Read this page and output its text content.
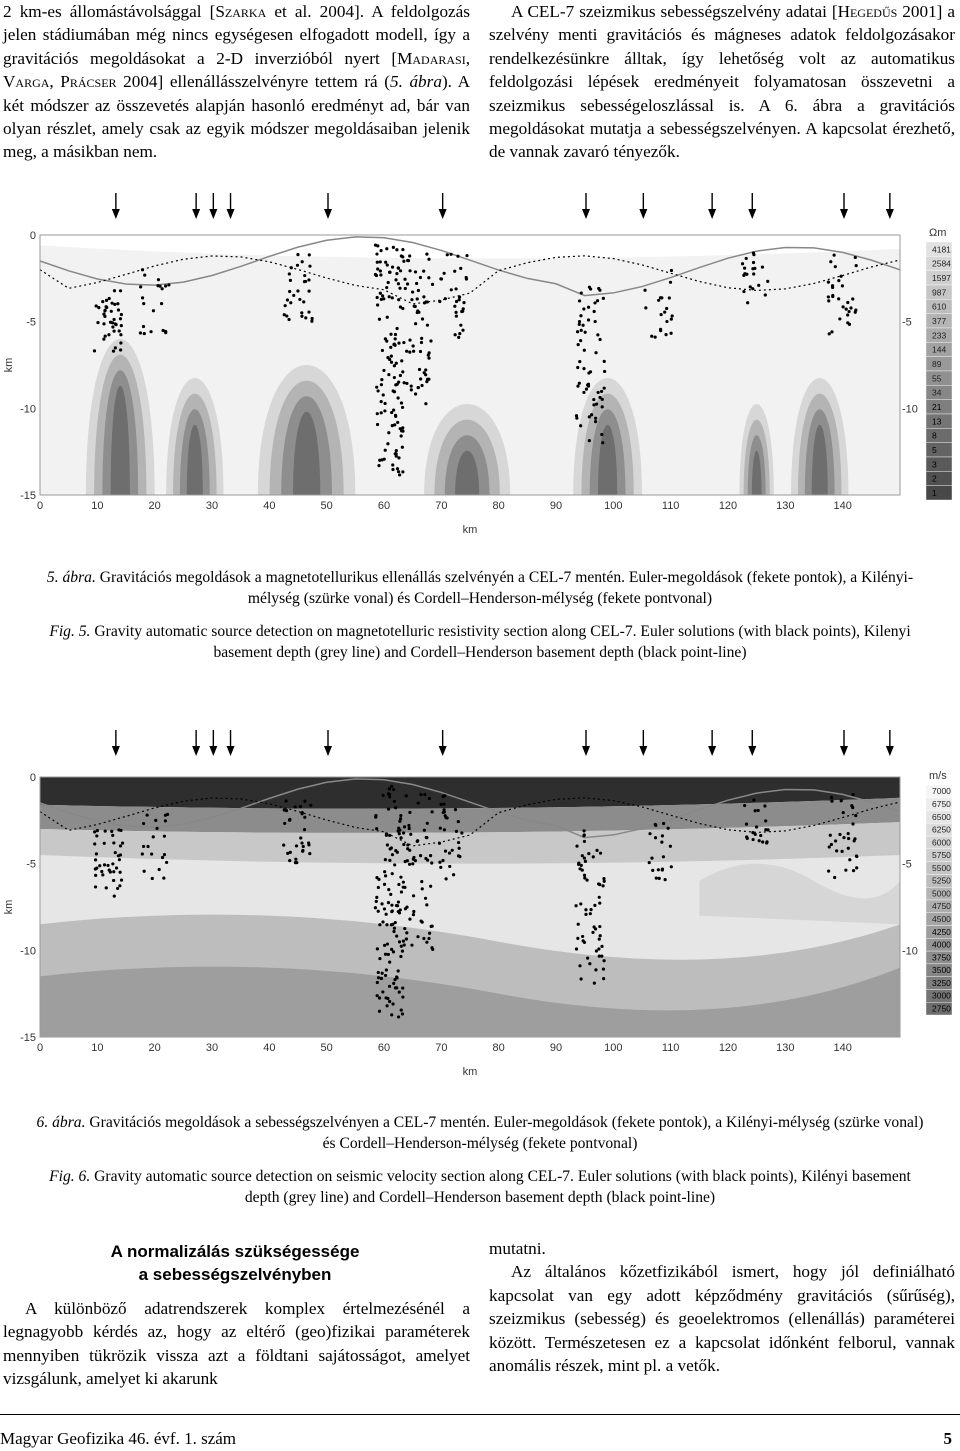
2 km-es állomástávolsággal [Szarka et al. 2004]. A feldolgozás jelen stádiumában még nincs egységesen elfogadott modell, így a gravitációs megoldásokat a 2-D inverzióból nyert [Madarasi, Varga, Prácser 2004] ellenállásszelvényre tettem rá (5. ábra). A két módszer az összevetés alapján hasonló eredményt ad, bár van olyan részlet, amely csak az egyik módszer megoldásaiban jelenik meg, a másikban nem.

A CEL-7 szeizmikus sebességszelvény adatai [Hegedűs 2001] a szelvény menti gravitációs és mágneses adatok feldolgozásakor rendelkezésünkre álltak, így lehetőség volt az automatikus feldolgozási lépések eredményeit folyamatosan összevetni a szeizmikus sebességeloszlással is. A 6. ábra a gravitációs megoldásokat mutatja a sebességszelvényen. A kapcsolat érezhető, de vannak zavaró tényezők.

0
-5
-10
-15
-5
-10
0	10	20	30	40	50	60	70	80	90	100	110	120	130	140
km
km
Ωm
4181
2584
1597
987
610
377
233
144
89
55
34
21
13
8
5
3
2
1

5. ábra. Gravitációs megoldások a magnetotellurikus ellenállás szelvényén a CEL-7 mentén. Euler-megoldások (fekete pontok), a Kilényi-mélység (szürke vonal) és Cordell–Henderson-mélység (fekete pontvonal)

Fig. 5. Gravity automatic source detection on magnetotelluric resistivity section along CEL-7. Euler solutions (with black points), Kilenyi basement depth (grey line) and Cordell–Henderson basement depth (black point-line)

0
-5
-10
-15
-5
-10
0	10	20	30	40	50	60	70	80	90	100	110	120	130	140
km
km
m/s
7000
6750
6500
6250
6000
5750
5500
5250
5000
4750
4500
4250
4000
3750
3500
3250
3000
2750

6. ábra. Gravitációs megoldások a sebességszelvényen a CEL-7 mentén. Euler-megoldások (fekete pontok), a Kilényi-mélység (szürke vonal) és Cordell–Henderson-mélység (fekete pontvonal)

Fig. 6. Gravity automatic source detection on seismic velocity section along CEL-7. Euler solutions (with black points), Kilényi basement depth (grey line) and Cordell–Henderson basement depth (black point-line)

A normalizálás szükségessége
a sebességszelvényben

A különböző adatrendszerek komplex értelmezésénél a legnagyobb kérdés az, hogy az eltérő (geo)fizikai paraméterek mennyiben tükrözik vissza azt a földtani sajátosságot, amelyet vizsgálunk, amelyet ki akarunk

mutatni.

Az általános kőzetfizikából ismert, hogy jól definiálható kapcsolat van egy adott képződmény gravitációs (sűrűség), szeizmikus (sebesség) és geoelektromos (ellenállás) paraméterei között. Természetesen ez a kapcsolat időnként felborul, vannak anomális részek, mint pl. a vetők.

Magyar Geofizika 46. évf. 1. szám	5
